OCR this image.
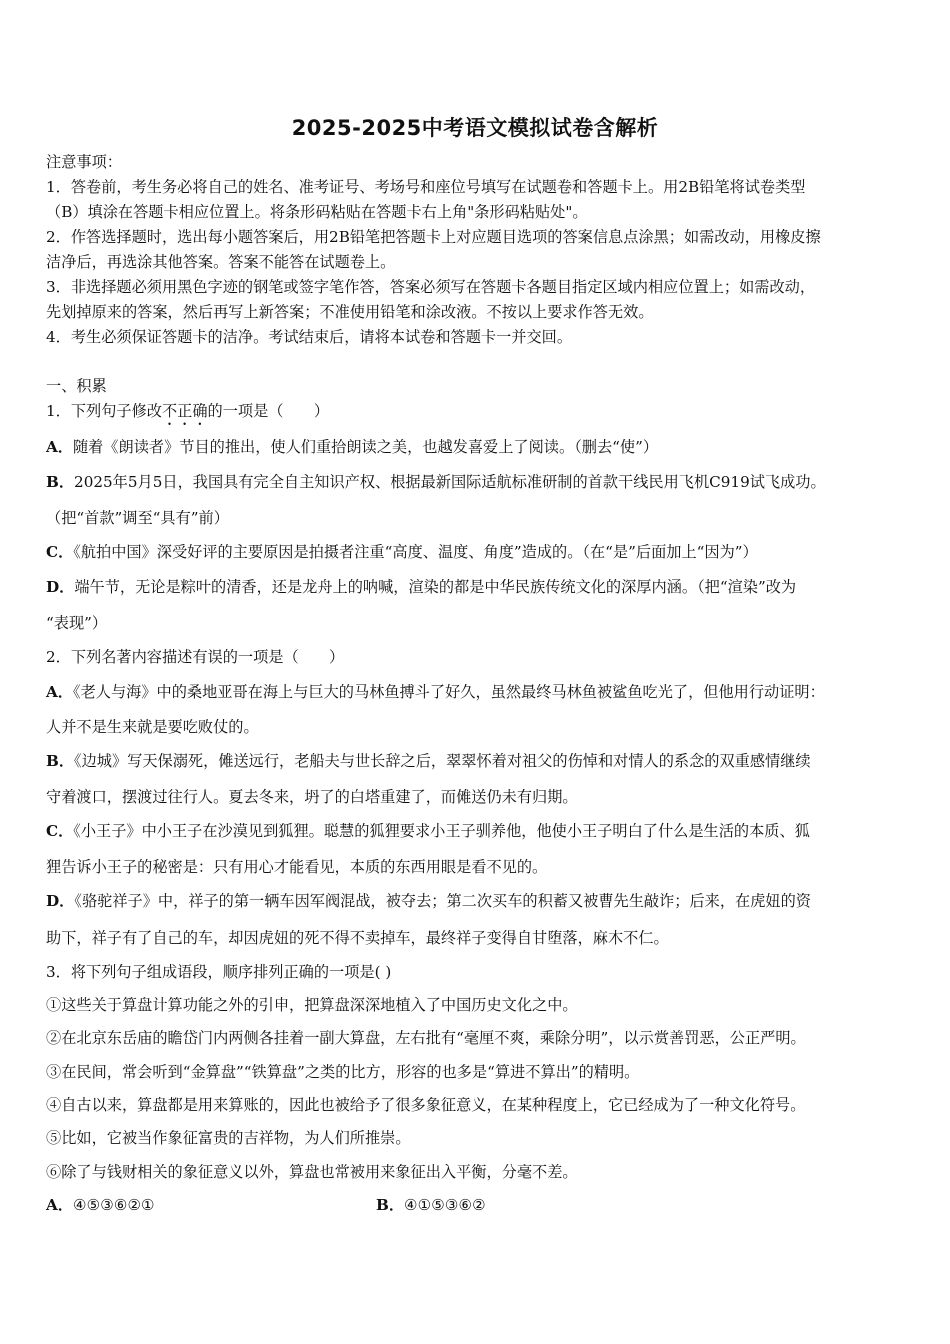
2025-2025中考语文模拟试卷含解析
注意事项：
1．答卷前，考生务必将自己的姓名、准考证号、考场号和座位号填写在试题卷和答题卡上。用2B铅笔将试卷类型
（B）填涂在答题卡相应位置上。将条形码粘贴在答题卡右上角"条形码粘贴处"。
2．作答选择题时，选出每小题答案后，用2B铅笔把答题卡上对应题目选项的答案信息点涂黑；如需改动，用橡皮擦
洁净后，再选涂其他答案。答案不能答在试题卷上。
3．非选择题必须用黑色字迹的钢笔或签字笔作答，答案必须写在答题卡各题目指定区域内相应位置上；如需改动，
先划掉原来的答案，然后再写上新答案；不准使用铅笔和涂改液。不按以上要求作答无效。
4．考生必须保证答题卡的洁净。考试结束后，请将本试卷和答题卡一并交回。
一、积累
1．下列句子修改不正确的一项是（　　）
A．随着《朗读者》节目的推出，使人们重拾朗读之美，也越发喜爱上了阅读。（删去“使”）
B．2025年5月5日，我国具有完全自主知识产权、根据最新国际适航标准研制的首款干线民用飞机C919试飞成功。
（把“首款”调至“具有”前）
C．《航拍中国》深受好评的主要原因是拍摄者注重“高度、温度、角度”造成的。（在“是”后面加上“因为”）
D．端午节，无论是粽叶的清香，还是龙舟上的呐喊，渲染的都是中华民族传统文化的深厚内涵。（把“渲染”改为
“表现”）
2．下列名著内容描述有误的一项是（　　）
A．《老人与海》中的桑地亚哥在海上与巨大的马林鱼搏斗了好久，虽然最终马林鱼被鲨鱼吃光了，但他用行动证明：
人并不是生来就是要吃败仗的。
B．《边城》写天保溺死，傩送远行，老船夫与世长辞之后，翠翠怀着对祖父的伤悼和对情人的系念的双重感情继续
守着渡口，摆渡过往行人。夏去冬来，坍了的白塔重建了，而傩送仍未有归期。
C．《小王子》中小王子在沙漠见到狐狸。聪慧的狐狸要求小王子驯养他，他使小王子明白了什么是生活的本质、狐
狸告诉小王子的秘密是：只有用心才能看见，本质的东西用眼是看不见的。
D．《骆驼祥子》中，祥子的第一辆车因军阀混战，被夺去；第二次买车的积蓄又被曹先生敲诈；后来，在虎妞的资
助下，祥子有了自己的车，却因虎妞的死不得不卖掉车，最终祥子变得自甘堕落，麻木不仁。
3．将下列句子组成语段，顺序排列正确的一项是( )
①这些关于算盘计算功能之外的引申，把算盘深深地植入了中国历史文化之中。
②在北京东岳庙的瞻岱门内两侧各挂着一副大算盘，左右批有“毫厘不爽，乘除分明”，以示赏善罚恶，公正严明。
③在民间，常会听到“金算盘”“铁算盘”之类的比方，形容的也多是“算进不算出”的精明。
④自古以来，算盘都是用来算账的，因此也被给予了很多象征意义，在某种程度上，它已经成为了一种文化符号。
⑤比如，它被当作象征富贵的吉祥物，为人们所推崇。
⑥除了与钱财相关的象征意义以外，算盘也常被用来象征出入平衡，分毫不差。
A．④⑤③⑥②①	B．④①⑤③⑥②
